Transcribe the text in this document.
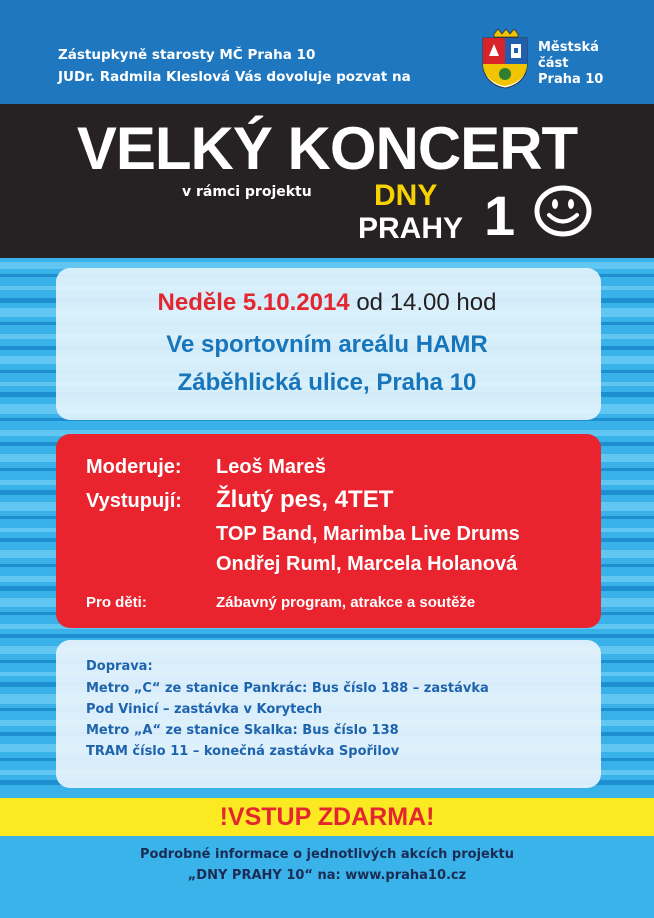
Zástupkyně starosty MČ Praha 10
JUDr. Radmila Kleslová Vás dovoluje pozvat na
Městská
část
Praha 10
VELKÝ KONCERT
v rámci projektu DNY
PRAHY 1
Neděle 5.10.2014 od 14.00 hod
Ve sportovním areálu HAMR
Záběhlická ulice, Praha 10
Moderuje: Leoš Mareš
Vystupují: Žlutý pes, 4TET
TOP Band, Marimba Live Drums
Ondřej Ruml, Marcela Holanová
Pro děti:	Zábavný program, atrakce a soutěže
Doprava:
Metro „C“ ze stanice Pankrác: Bus číslo 188 – zastávka
Pod Vinicí – zastávka v Korytech
Metro „A“ ze stanice Skalka: Bus číslo 138
TRAM číslo 11 – konečná zastávka Spořilov
!VSTUP ZDARMA!
Podrobné informace o jednotlivých akcích projektu
„DNY PRAHY 10“ na: www.praha10.cz
